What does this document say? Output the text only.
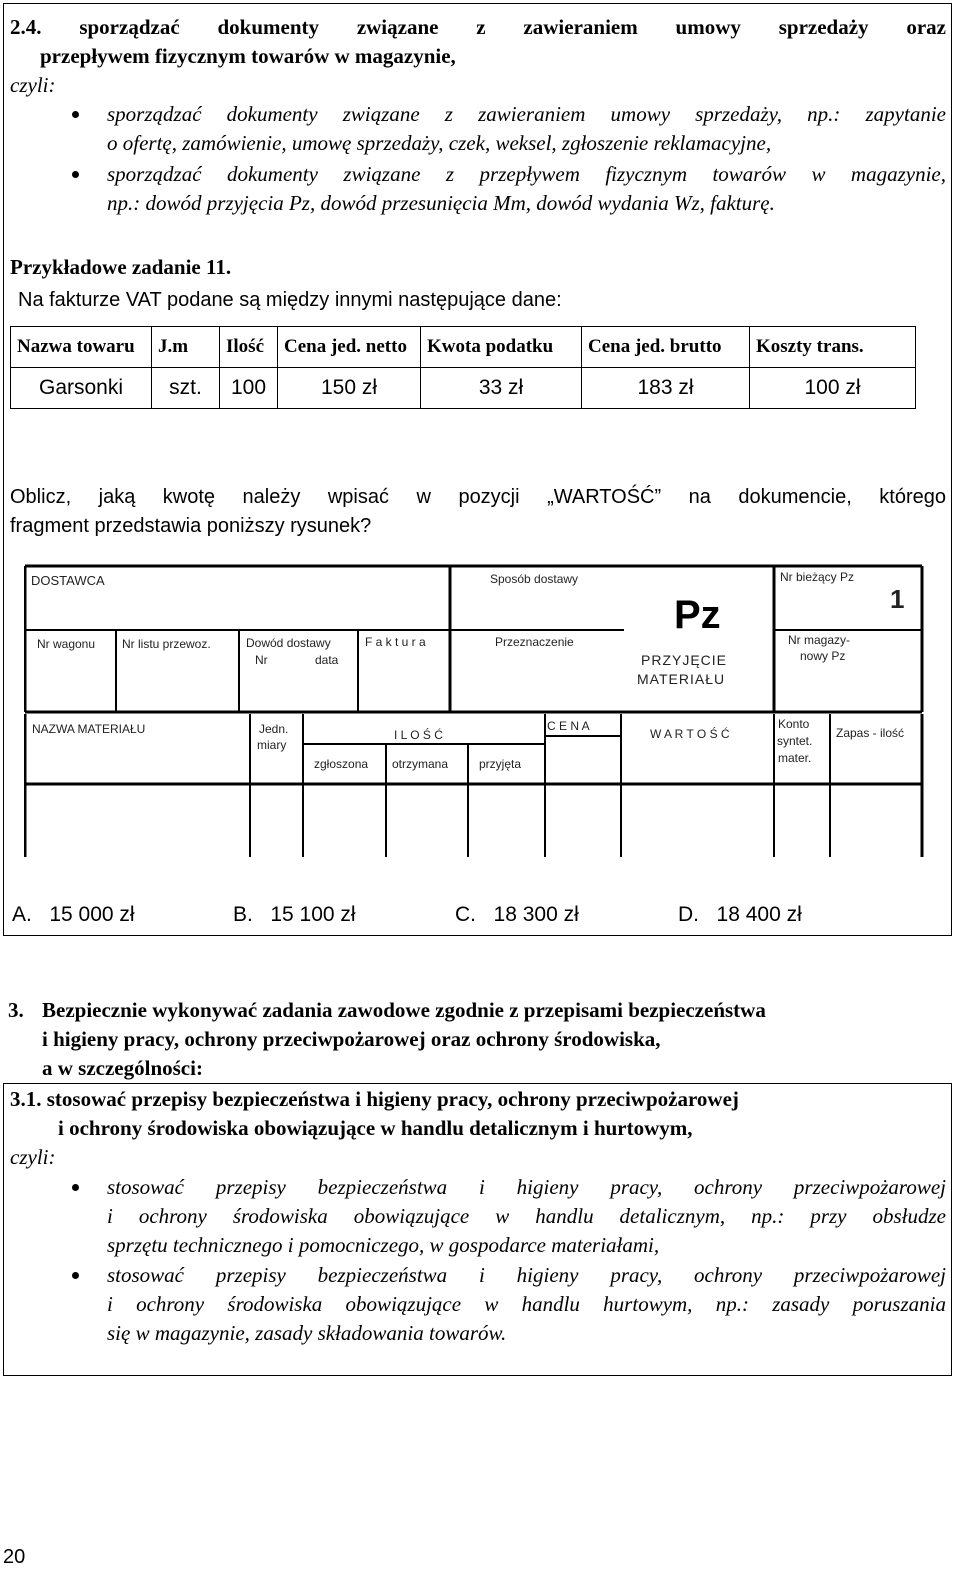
2.4. sporządzać dokumenty związane z zawieraniem umowy sprzedaży oraz
przepływem fizycznym towarów w magazynie,
czyli:
sporządzać dokumenty związane z zawieraniem umowy sprzedaży, np.: zapytanie
o ofertę, zamówienie, umowę sprzedaży, czek, weksel, zgłoszenie reklamacyjne,
sporządzać dokumenty związane z przepływem fizycznym towarów w magazynie,
np.: dowód przyjęcia Pz, dowód przesunięcia Mm, dowód wydania Wz, fakturę.
Przykładowe zadanie 11.
Na fakturze VAT podane są między innymi następujące dane:
Nazwa towaru	J.m	Ilość	Cena jed. netto	Kwota podatku	Cena jed. brutto	Koszty trans.
Garsonki	szt.	100	150 zł	33 zł	183 zł	100 zł
Oblicz, jaką kwotę należy wpisać w pozycji „WARTOŚĆ” na dokumencie, którego
fragment przedstawia poniższy rysunek?
DOSTAWCA	Sposób dostawy	Nr bieżący Pz
1
Pz
PRZYJĘCIE
MATERIAŁU
Nr wagonu Nr listu przewoz.	Dowód dostawy
Nr	data
F a k t u r a	Przeznaczenie	Nr magazy-
nowy Pz
NAZWA MATERIAŁU	Jedn.
miary
I L O Ś Ć
zgłoszona otrzymana	przyjęta
C E N A
W A R T O Ś Ć
Konto
syntet.
mater.
Zapas - ilość
A. 15 000 zł	B. 15 100 zł	C. 18 300 zł	D. 18 400 zł
3. Bezpiecznie wykonywać zadania zawodowe zgodnie z przepisami bezpieczeństwa
i higieny pracy, ochrony przeciwpożarowej oraz ochrony środowiska,
a w szczególności:
3.1. stosować przepisy bezpieczeństwa i higieny pracy, ochrony przeciwpożarowej
i ochrony środowiska obowiązujące w handlu detalicznym i hurtowym,
czyli:
stosować przepisy bezpieczeństwa i higieny pracy, ochrony przeciwpożarowej
i ochrony środowiska obowiązujące w handlu detalicznym, np.: przy obsłudze
sprzętu technicznego i pomocniczego, w gospodarce materiałami,
stosować przepisy bezpieczeństwa i higieny pracy, ochrony przeciwpożarowej
i ochrony środowiska obowiązujące w handlu hurtowym, np.: zasady poruszania
się w magazynie, zasady składowania towarów.
20
